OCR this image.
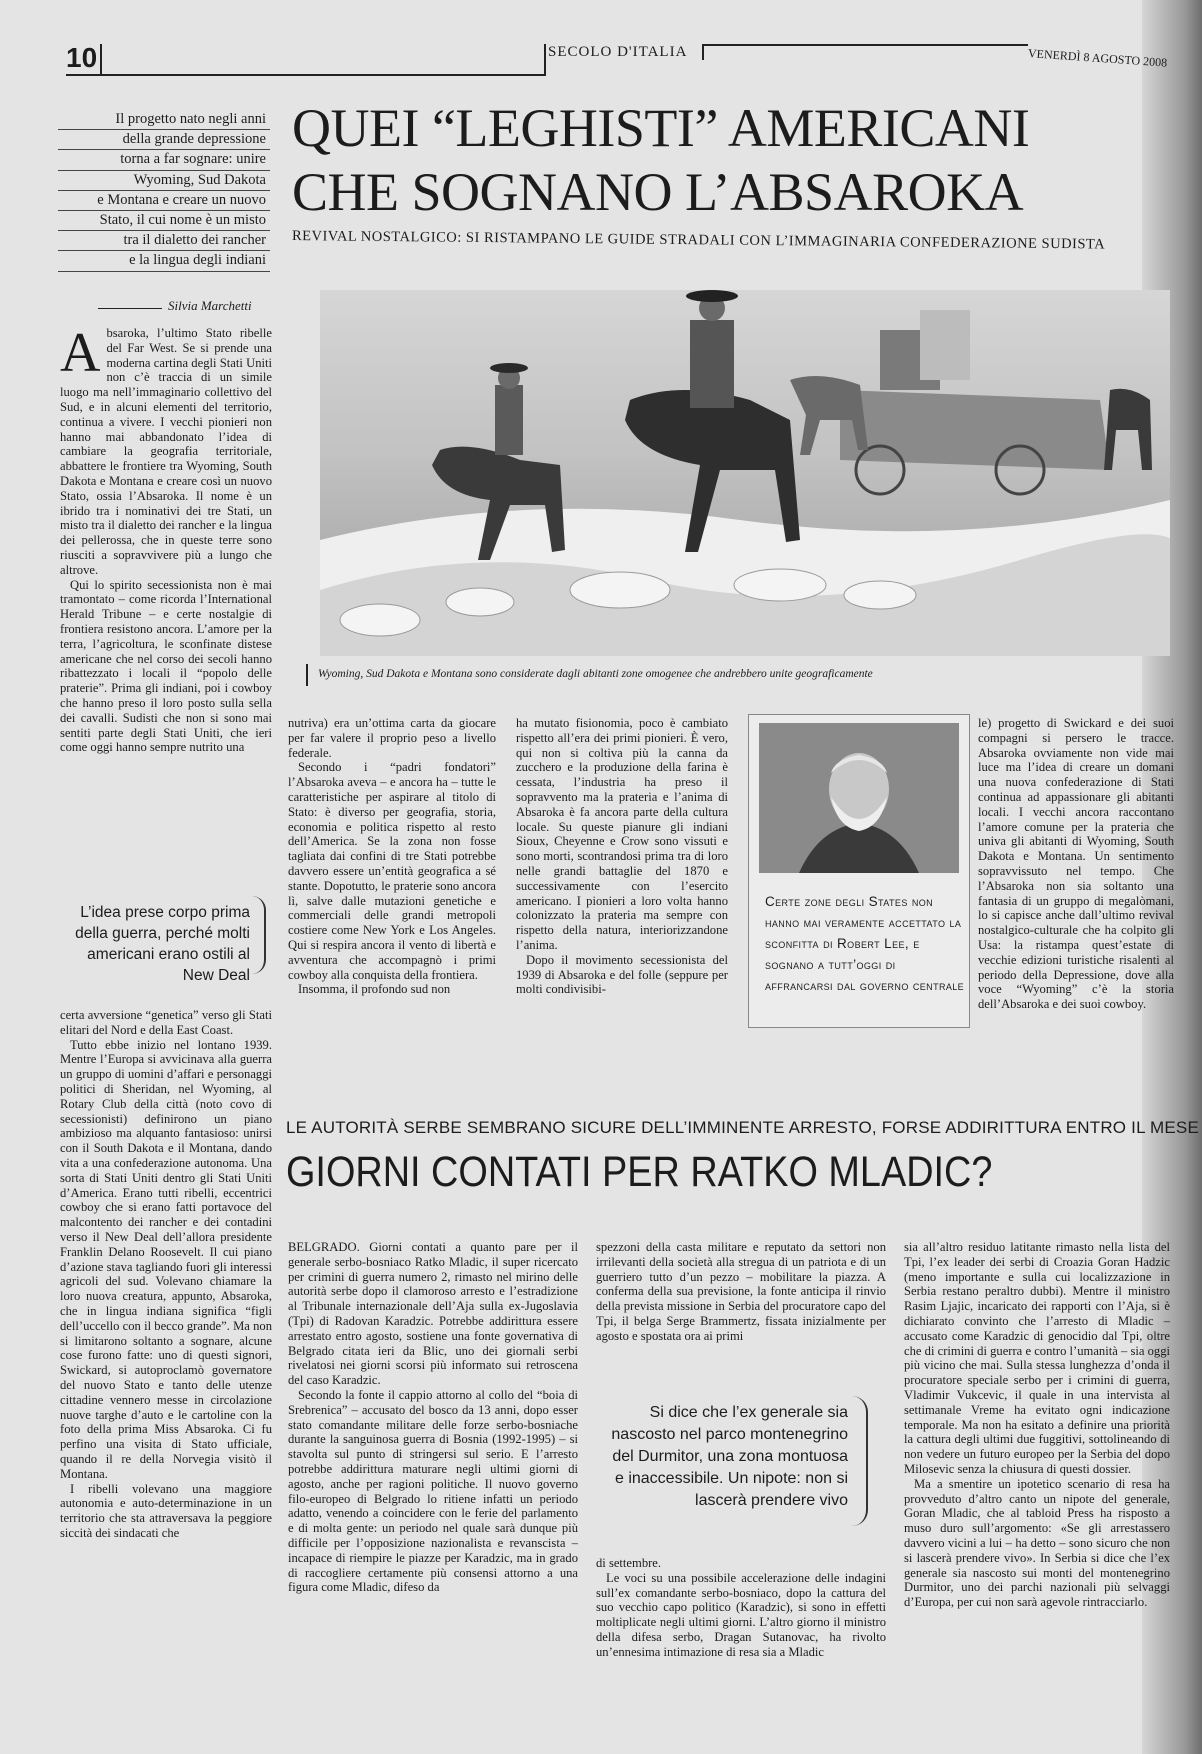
10	SECOLO D'ITALIA	VENERDÌ 8 AGOSTO 2008
Il progetto nato negli anni
della grande depressione
torna a far sognare: unire
Wyoming, Sud Dakota
e Montana e creare un nuovo
Stato, il cui nome è un misto
tra il dialetto dei rancher
e la lingua degli indiani
QUEI “LEGHISTI” AMERICANI
CHE SOGNANO L’ABSAROKA
REVIVAL NOSTALGICO: SI RISTAMPANO LE GUIDE STRADALI CON L’IMMAGINARIA CONFEDERAZIONE SUDISTA
Silvia Marchetti

Absaroka, l’ultimo Stato ribelle del Far West. Se si prende una moderna cartina degli Stati Uniti non c’è traccia di un simile luogo ma nell’immaginario collettivo del Sud, e in alcuni elementi del territorio, continua a vivere. I vecchi pionieri non hanno mai abbandonato l’idea di cambiare la geografia territoriale, abbattere le frontiere tra Wyoming, South Dakota e Montana e creare così un nuovo Stato, ossia l’Absaroka. Il nome è un ibrido tra i nominativi dei tre Stati, un misto tra il dialetto dei rancher e la lingua dei pellerossa, che in queste terre sono riusciti a sopravvivere più a lungo che altrove.

Qui lo spirito secessionista non è mai tramontato – come ricorda l’International Herald Tribune – e certe nostalgie di frontiera resistono ancora. L’amore per la terra, l’agricoltura, le sconfinate distese americane che nel corso dei secoli hanno ribattezzato i locali il “popolo delle praterie”. Prima gli indiani, poi i cowboy che hanno preso il loro posto sulla sella dei cavalli. Sudisti che non si sono mai sentiti parte degli Stati Uniti, che ieri come oggi hanno sempre nutrito una

L’idea prese corpo prima della guerra, perché molti americani erano ostili al New Deal

certa avversione “genetica” verso gli Stati elitari del Nord e della East Coast.

Tutto ebbe inizio nel lontano 1939. Mentre l’Europa si avvicinava alla guerra un gruppo di uomini d’affari e personaggi politici di Sheridan, nel Wyoming, al Rotary Club della città (noto covo di secessionisti) definirono un piano ambizioso ma alquanto fantasioso: unirsi con il South Dakota e il Montana, dando vita a una confederazione autonoma. Una sorta di Stati Uniti dentro gli Stati Uniti d’America. Erano tutti ribelli, eccentrici cowboy che si erano fatti portavoce del malcontento dei rancher e dei contadini verso il New Deal dell’allora presidente Franklin Delano Roosevelt. Il cui piano d’azione stava tagliando fuori gli interessi agricoli del sud. Volevano chiamare la loro nuova creatura, appunto, Absaroka, che in lingua indiana significa “figli dell’uccello con il becco grande”. Ma non si limitarono soltanto a sognare, alcune cose furono fatte: uno di questi signori, Swickard, si autoproclamò governatore del nuovo Stato e tanto delle utenze cittadine vennero messe in circolazione nuove targhe d’auto e le cartoline con la foto della prima Miss Absaroka. Ci fu perfino una visita di Stato ufficiale, quando il re della Norvegia visitò il Montana.

I ribelli volevano una maggiore autonomia e auto-determinazione in un territorio che sta attraversava la peggiore siccità dei sindacati che

Wyoming, Sud Dakota e Montana sono considerate dagli abitanti zone omogenee che andrebbero unite geograficamente

nutriva) era un’ottima carta da giocare per far valere il proprio peso a livello federale.

Secondo i “padri fondatori” l’Absaroka aveva – e ancora ha – tutte le caratteristiche per aspirare al titolo di Stato: è diverso per geografia, storia, economia e politica rispetto al resto dell’America. Se la zona non fosse tagliata dai confini di tre Stati potrebbe davvero essere un’entità geografica a sé stante. Dopotutto, le praterie sono ancora lì, salve dalle mutazioni genetiche e commerciali delle grandi metropoli costiere come New York e Los Angeles. Qui si respira ancora il vento di libertà e avventura che accompagnò i primi cowboy alla conquista della frontiera.

Insomma, il profondo sud non

ha mutato fisionomia, poco è cambiato rispetto all’era dei primi pionieri. È vero, qui non si coltiva più la canna da zucchero e la produzione della farina è cessata, l’industria ha preso il sopravvento ma la prateria e l’anima di Absaroka è fa ancora parte della cultura locale. Su queste pianure gli indiani Sioux, Cheyenne e Crow sono vissuti e sono morti, scontrandosi prima tra di loro nelle grandi battaglie del 1870 e successivamente con l’esercito americano. I pionieri a loro volta hanno colonizzato la prateria ma sempre con rispetto della natura, interiorizzandone l’anima.

Dopo il movimento secessionista del 1939 di Absaroka e del folle (seppure per molti condivisibi-

Certe zone degli States non hanno mai veramente accettato la sconfitta di Robert Lee, e sognano a tutt’oggi di affrancarsi dal governo centrale

le) progetto di Swickard e dei suoi compagni si persero le tracce. Absaroka ovviamente non vide mai luce ma l’idea di creare un domani una nuova confederazione di Stati continua ad appassionare gli abitanti locali. I vecchi ancora raccontano l’amore comune per la prateria che univa gli abitanti di Wyoming, South Dakota e Montana. Un sentimento sopravvissuto nel tempo. Che l’Absaroka non sia soltanto una fantasia di un gruppo di megalòmani, lo si capisce anche dall’ultimo revival nostalgico-culturale che ha colpito gli Usa: la ristampa quest’estate di vecchie edizioni turistiche risalenti al periodo della Depressione, dove alla voce “Wyoming” c’è la storia dell’Absaroka e dei suoi cowboy.

LE AUTORITÀ SERBE SEMBRANO SICURE DELL’IMMINENTE ARRESTO, FORSE ADDIRITTURA ENTRO IL MESE
GIORNI CONTATI PER RATKO MLADIC?

BELGRADO. Giorni contati a quanto pare per il generale serbo-bosniaco Ratko Mladic, il super ricercato per crimini di guerra numero 2, rimasto nel mirino delle autorità serbe dopo il clamoroso arresto e l’estradizione al Tribunale internazionale dell’Aja sulla ex-Jugoslavia (Tpi) di Radovan Karadzic. Potrebbe addirittura essere arrestato entro agosto, sostiene una fonte governativa di Belgrado citata ieri da Blic, uno dei giornali serbi rivelatosi nei giorni scorsi più informato sui retroscena del caso Karadzic.

Secondo la fonte il cappio attorno al collo del “boia di Srebrenica” – accusato del bosco da 13 anni, dopo esser stato comandante militare delle forze serbo-bosniache durante la sanguinosa guerra di Bosnia (1992-1995) – si stavolta sul punto di stringersi sul serio. E l’arresto potrebbe addirittura maturare negli ultimi giorni di agosto, anche per ragioni politiche. Il nuovo governo filo-europeo di Belgrado lo ritiene infatti un periodo adatto, venendo a coincidere con le ferie del parlamento e di molta gente: un periodo nel quale sarà dunque più difficile per l’opposizione nazionalista e revanscista – incapace di riempire le piazze per Karadzic, ma in grado di raccogliere certamente più consensi attorno a una figura come Mladic, difeso da

spezzoni della casta militare e reputato da settori non irrilevanti della società alla stregua di un patriota e di un guerriero tutto d’un pezzo – mobilitare la piazza. A conferma della sua previsione, la fonte anticipa il rinvio della prevista missione in Serbia del procuratore capo del Tpi, il belga Serge Brammertz, fissata inizialmente per agosto e spostata ora ai primi

Si dice che l’ex generale sia nascosto nel parco montenegrino del Durmitor, una zona montuosa e inaccessibile. Un nipote: non si lascerà prendere vivo

di settembre.

Le voci su una possibile accelerazione delle indagini sull’ex comandante serbo-bosniaco, dopo la cattura del suo vecchio capo politico (Karadzic), si sono in effetti moltiplicate negli ultimi giorni. L’altro giorno il ministro della difesa serbo, Dragan Sutanovac, ha rivolto un’ennesima intimazione di resa sia a Mladic

sia all’altro residuo latitante rimasto nella lista del Tpi, l’ex leader dei serbi di Croazia Goran Hadzic (meno importante e sulla cui localizzazione in Serbia restano peraltro dubbi). Mentre il ministro Rasim Ljajic, incaricato dei rapporti con l’Aja, si è dichiarato convinto che l’arresto di Mladic – accusato come Karadzic di genocidio dal Tpi, oltre che di crimini di guerra e contro l’umanità – sia oggi più vicino che mai. Sulla stessa lunghezza d’onda il procuratore speciale serbo per i crimini di guerra, Vladimir Vukcevic, il quale in una intervista al settimanale Vreme ha evitato ogni indicazione temporale. Ma non ha esitato a definire una priorità la cattura degli ultimi due fuggitivi, sottolineando di non vedere un futuro europeo per la Serbia del dopo Milosevic senza la chiusura di questi dossier.

Ma a smentire un ipotetico scenario di resa ha provveduto d’altro canto un nipote del generale, Goran Mladic, che al tabloid Press ha risposto a muso duro sull’argomento: «Se gli arrestassero davvero vicini a lui – ha detto – sono sicuro che non si lascerà prendere vivo». In Serbia si dice che l’ex generale sia nascosto sui monti del montenegrino Durmitor, uno dei parchi nazionali più selvaggi d’Europa, per cui non sarà agevole rintracciarlo.
